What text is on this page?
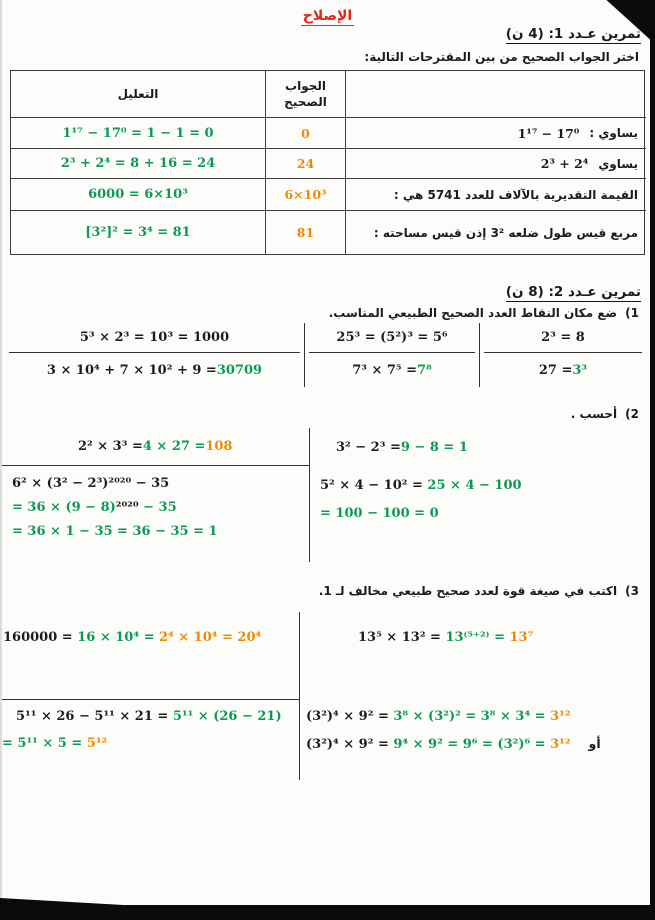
الإصلاح
تمرين عـدد 1: (4 ن)
اختر الجواب الصحيح من بين المقترحات التالية:
التعليل
الجواب الصحيح
1¹⁷ − 17⁰ = 1 − 1 = 0	0	1¹⁷ − 17⁰ يساوي :
2³ + 2⁴ = 8 + 16 = 24	24	2³ + 2⁴ يساوي
6000 = 6×10³	6×10³	القيمة التقديرية بالآلاف للعدد 5741 هي :
[3²]² = 3⁴ = 81	81	مربع قيس طول ضلعه 3² إذن قيس مساحته :
تمرين عـدد 2: (8 ن)
ضع مكان النقاط العدد الصحيح الطبيعي المناسب. (1
5³ × 2³ = 10³ = 1000
3 × 10⁴ + 7 × 10² + 9 = 30709
25³ = (5²)³ = 5⁶
7³ × 7⁵ = 7⁸
2³ = 8
27 = 3³
أحسب . (2
2² × 3³ = 4 × 27 = 108	3² − 2³ = 9 − 8 = 1
6² × (3² − 2³)²⁰²⁰ − 35
= 36 × (9 − 8)²⁰²⁰ − 35
= 36 × 1 − 35 = 36 − 35 = 1
5² × 4 − 10² = 25 × 4 − 100
= 100 − 100 = 0
اكتب في صيغة قوة لعدد صحيح طبيعي مخالف لـ 1. (3
160000 = 16 × 10⁴ = 2⁴ × 10⁴ = 20⁴	13⁵ × 13² = 13⁽⁵⁺²⁾ = 13⁷
5¹¹ × 26 − 5¹¹ × 21 = 5¹¹ × (26 − 21)
= 5¹¹ × 5 = 5¹²
(3²)⁴ × 9² = 3⁸ × (3²)² = 3⁸ × 3⁴ = 3¹²
(3²)⁴ × 9² = 9⁴ × 9² = 9⁶ = (3²)⁶ = 3¹² أو
